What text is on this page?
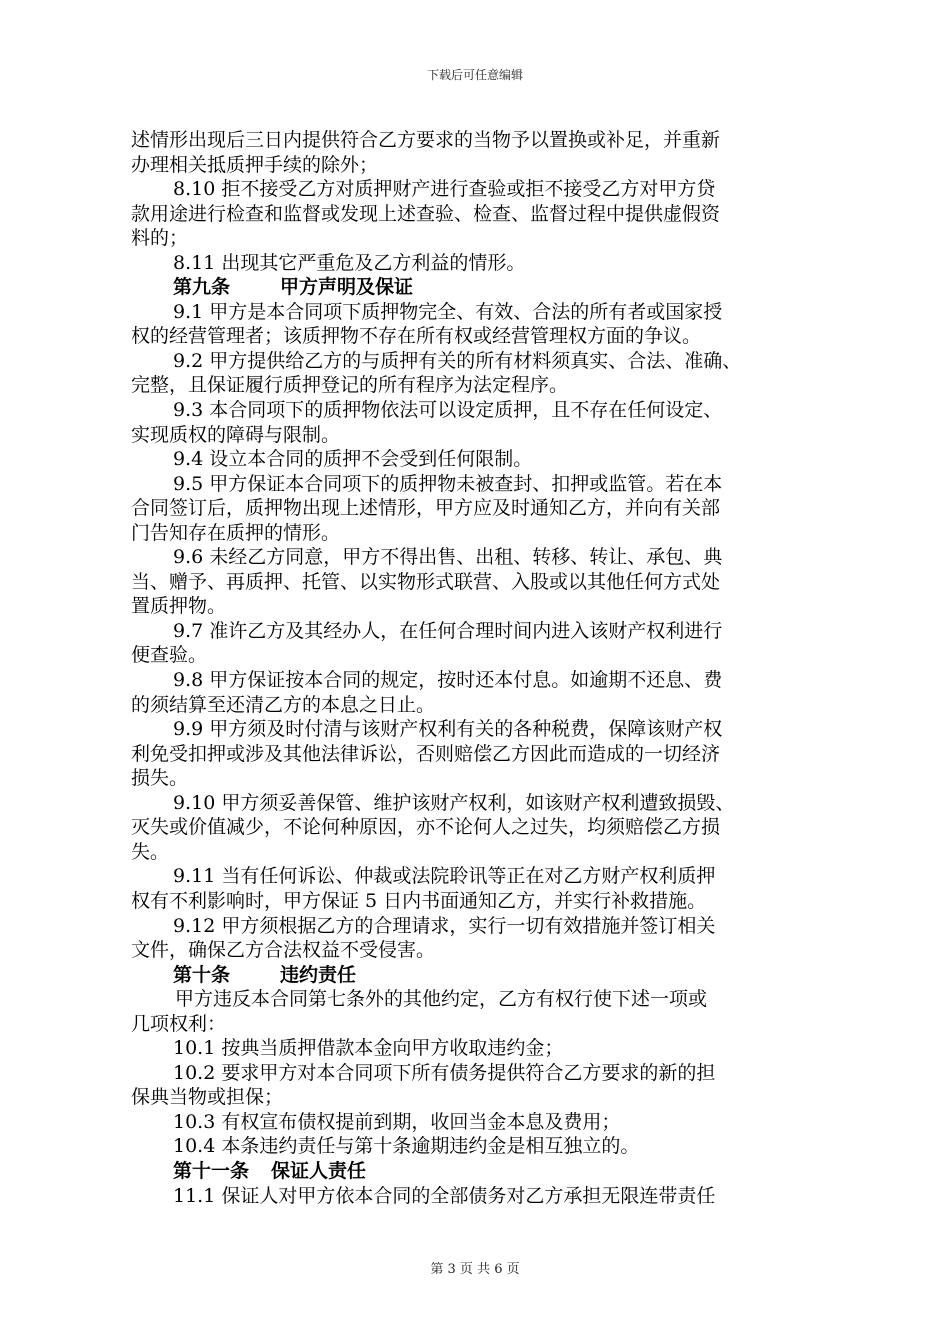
下载后可任意编辑
述情形出现后三日内提供符合乙方要求的当物予以置换或补足，并重新
办理相关抵质押手续的除外；
8.10 拒不接受乙方对质押财产进行查验或拒不接受乙方对甲方贷
款用途进行检查和监督或发现上述查验、检查、监督过程中提供虚假资
料的；
8.11 出现其它严重危及乙方利益的情形。
第九条	甲方声明及保证
9.1 甲方是本合同项下质押物完全、有效、合法的所有者或国家授
权的经营管理者；该质押物不存在所有权或经营管理权方面的争议。
9.2 甲方提供给乙方的与质押有关的所有材料须真实、合法、准确、
完整，且保证履行质押登记的所有程序为法定程序。
9.3 本合同项下的质押物依法可以设定质押，且不存在任何设定、
实现质权的障碍与限制。
9.4 设立本合同的质押不会受到任何限制。
9.5 甲方保证本合同项下的质押物未被查封、扣押或监管。若在本
合同签订后，质押物出现上述情形，甲方应及时通知乙方，并向有关部
门告知存在质押的情形。
9.6 未经乙方同意，甲方不得出售、出租、转移、转让、承包、典
当、赠予、再质押、托管、以实物形式联营、入股或以其他任何方式处
置质押物。
9.7 准许乙方及其经办人，在任何合理时间内进入该财产权利进行
便查验。
9.8 甲方保证按本合同的规定，按时还本付息。如逾期不还息、费
的须结算至还清乙方的本息之日止。
9.9 甲方须及时付清与该财产权利有关的各种税费，保障该财产权
利免受扣押或涉及其他法律诉讼，否则赔偿乙方因此而造成的一切经济
损失。
9.10 甲方须妥善保管、维护该财产权利，如该财产权利遭致损毁、
灭失或价值减少，不论何种原因，亦不论何人之过失，均须赔偿乙方损
失。
9.11 当有任何诉讼、仲裁或法院聆讯等正在对乙方财产权利质押
权有不利影响时，甲方保证 5 日内书面通知乙方，并实行补救措施。
9.12 甲方须根据乙方的合理请求，实行一切有效措施并签订相关
文件，确保乙方合法权益不受侵害。
第十条	违约责任
甲方违反本合同第七条外的其他约定，乙方有权行使下述一项或
几项权利：
10.1 按典当质押借款本金向甲方收取违约金；
10.2 要求甲方对本合同项下所有债务提供符合乙方要求的新的担
保典当物或担保；
10.3 有权宣布债权提前到期，收回当金本息及费用；
10.4 本条违约责任与第十条逾期违约金是相互独立的。
第十一条 保证人责任
11.1 保证人对甲方依本合同的全部债务对乙方承担无限连带责任
第 3 页 共 6 页
